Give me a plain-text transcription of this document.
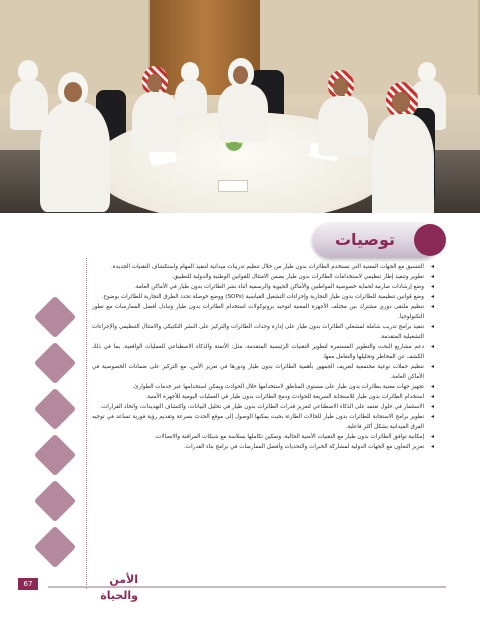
توصيات
◂ التنسيق مع الجهات المعنية التي تستخدم الطائرات بدون طيار من خلال تنظيم تدريبات ميدانية لتنفيذ المهام واستكشاف التقنيات الجديدة.
◂ تطوير وتنفيذ إطار تنظيمي لاستخدامات الطائرات بدون طيار يضمن الامتثال للقوانين الوطنية والدولية للتطبيق.
◂ وضع إرشادات صارمة لحماية خصوصية المواطنين والأماكن الحيوية والرسمية أثناء نشر الطائرات بدون طيار في الأماكن العامة.
◂ وضع قوانين تنظيمية للطائرات بدون طيار التجارية وإجراءات التشغيل القياسية (SOPs) ووضع خوصلة تحدد الطرق التجارية للطائرات بوضوح.
◂ تنظيم ملتقى دوري مشترك بين مختلف الأجهزة المعنية لتوحيد بروتوكولات استخدام الطائرات بدون طيار وتبادل أفضل الممارسات مع تطور التكنولوجيا.
◂ تنفيذ برامج تدريب شاملة لمشغلي الطائرات بدون طيار على إدارة وحدات الطائرات والتركيز على النشر التكتيكي والامتثال التنظيمي والإجراءات التشغيلية المتقدمة.
◂ دعم مشاريع البحث والتطوير المستمرة لتطوير التقنيات الرئيسية المتقدمة، مثل: الأتمتة والذكاء الاصطناعي للعمليات الواقعية، بما في ذلك الكشف عن المخاطر وتحليلها والتعامل معها.
◂ تنظيم حملات توعية مجتمعية لتعريف الجمهور بأهمية الطائرات بدون طيار ودورها في تعزيز الأمن، مع التركيز على ضمانات الخصوصية في الأماكن العامة.
◂ تجهيز جهات معنية بطائرات بدون طيار على مستوى المناطق لاستخدامها خلال الحوادث ويمكن استخدامها عبر خدمات الطوارئ.
◂ استخدام الطائرات بدون طيار للاستجابة السريعة للحوادث ودمج الطائرات بدون طيار في العمليات اليومية للأجهزة الأمنية.
◂ الاستثمار في حلول تعتمد على الذكاء الاصطناعي لتعزيز قدرات الطائرات بدون طيار في تحليل البيانات، واكتشاف التهديدات، واتخاذ القرارات.
◂ تطوير برامج الاستجابة للطائرات بدون طيار للحالات الطارئة بحيث يمكنها الوصول إلى موقع الحدث بسرعة وتقديم رؤية فورية تساعد في توجيه الفرق الميدانية بشكل أكثر فاعلية.
◂ إمكانية توافق الطائرات بدون طيار مع التقنيات الأمنية الحالية، وتمكين تكاملها بسلاسة مع شبكات المراقبة والاتصالات.
◂ تعزيز التعاون مع الجهات الدولية لمشاركة الخبرات والتحديات وأفضل الممارسات في برامج بناء القدرات.
67	الأمن والحياة
